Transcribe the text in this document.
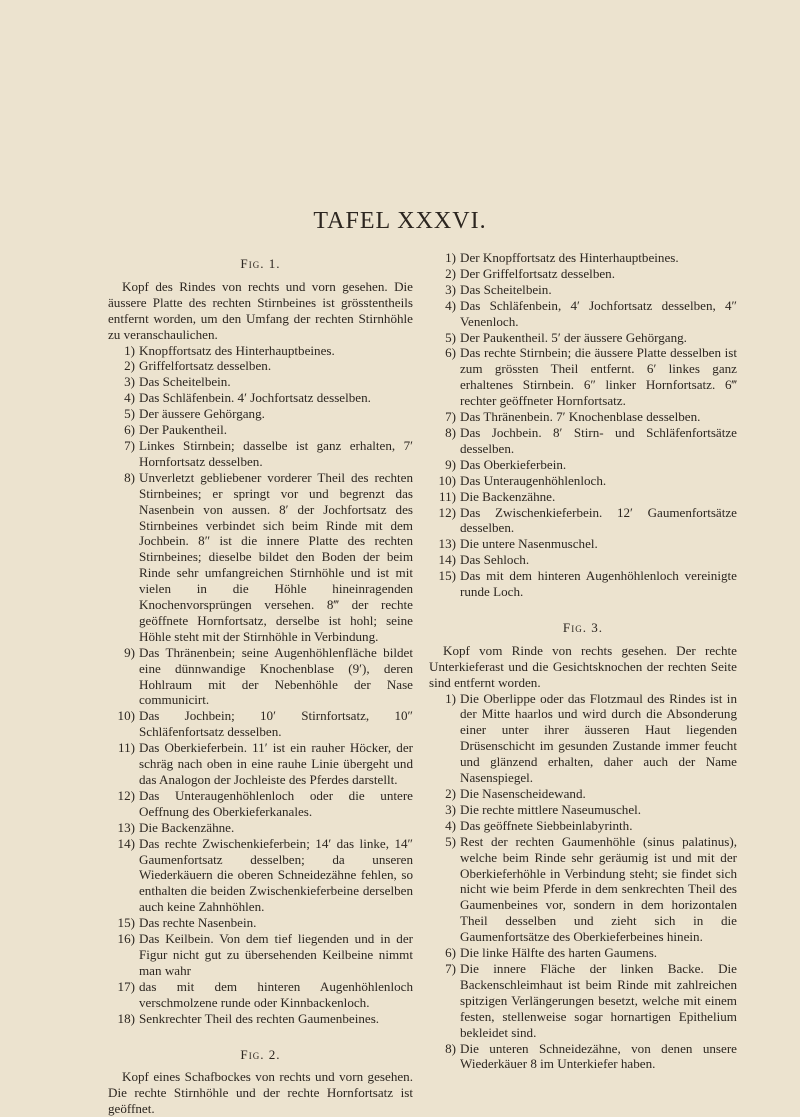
TAFEL XXXVI.
Fig. 1.

Kopf des Rindes von rechts und vorn gesehen. Die äussere Platte des rechten Stirnbeines ist grösstentheils entfernt worden, um den Umfang der rechten Stirnhöhle zu veranschaulichen.

1) Knopffortsatz des Hinterhauptbeines.
2) Griffelfortsatz desselben.
3) Das Scheitelbein.
4) Das Schläfenbein. 4′ Jochfortsatz desselben.
5) Der äussere Gehörgang.
6) Der Paukentheil.
7) Linkes Stirnbein; dasselbe ist ganz erhalten, 7′ Hornfortsatz desselben.
8) Unverletzt gebliebener vorderer Theil des rechten Stirnbeines; er springt vor und begrenzt das Nasenbein von aussen. 8′ der Jochfortsatz des Stirnbeines verbindet sich beim Rinde mit dem Jochbein. 8″ ist die innere Platte des rechten Stirnbeines; dieselbe bildet den Boden der beim Rinde sehr umfangreichen Stirnhöhle und ist mit vielen in die Höhle hineinragenden Knochenvorsprüngen versehen. 8‴ der rechte geöffnete Hornfortsatz, derselbe ist hohl; seine Höhle steht mit der Stirnhöhle in Verbindung.
9) Das Thränenbein; seine Augenhöhlenfläche bildet eine dünnwandige Knochenblase (9′), deren Hohlraum mit der Nebenhöhle der Nase communicirt.
10) Das Jochbein; 10′ Stirnfortsatz, 10″ Schläfenfortsatz desselben.
11) Das Oberkieferbein. 11′ ist ein rauher Höcker, der schräg nach oben in eine rauhe Linie übergeht und das Analogon der Jochleiste des Pferdes darstellt.
12) Das Unteraugenhöhlenloch oder die untere Oeffnung des Oberkieferkanales.
13) Die Backenzähne.
14) Das rechte Zwischenkieferbein; 14′ das linke, 14″ Gaumenfortsatz desselben; da unseren Wiederkäuern die oberen Schneidezähne fehlen, so enthalten die beiden Zwischenkieferbeine derselben auch keine Zahnhöhlen.
15) Das rechte Nasenbein.
16) Das Keilbein. Von dem tief liegenden und in der Figur nicht gut zu übersehenden Keilbeine nimmt man wahr
17) das mit dem hinteren Augenhöhlenloch verschmolzene runde oder Kinnbackenloch.
18) Senkrechter Theil des rechten Gaumenbeines.
Fig. 2.

Kopf eines Schafbockes von rechts und vorn gesehen. Die rechte Stirnhöhle und der rechte Hornfortsatz ist geöffnet.

1) Der Knopffortsatz des Hinterhauptbeines.
2) Der Griffelfortsatz desselben.
3) Das Scheitelbein.
4) Das Schläfenbein, 4′ Jochfortsatz desselben, 4″ Venenloch.
5) Der Paukentheil. 5′ der äussere Gehörgang.
6) Das rechte Stirnbein; die äussere Platte desselben ist zum grössten Theil entfernt. 6′ linkes ganz erhaltenes Stirnbein. 6″ linker Hornfortsatz. 6‴ rechter geöffneter Hornfortsatz.
7) Das Thränenbein. 7′ Knochenblase desselben.
8) Das Jochbein. 8′ Stirn- und Schläfenfortsätze desselben.
9) Das Oberkieferbein.
10) Das Unteraugenhöhlenloch.
11) Die Backenzähne.
12) Das Zwischenkieferbein. 12′ Gaumenfortsätze desselben.
13) Die untere Nasenmuschel.
14) Das Sehloch.
15) Das mit dem hinteren Augenhöhlenloch vereinigte runde Loch.
Fig. 3.

Kopf vom Rinde von rechts gesehen. Der rechte Unterkieferast und die Gesichtsknochen der rechten Seite sind entfernt worden.

1) Die Oberlippe oder das Flotzmaul des Rindes ist in der Mitte haarlos und wird durch die Absonderung einer unter ihrer äusseren Haut liegenden Drüsenschicht im gesunden Zustande immer feucht und glänzend erhalten, daher auch der Name Nasenspiegel.
2) Die Nasenscheidewand.
3) Die rechte mittlere Naseumuschel.
4) Das geöffnete Siebbeinlabyrinth.
5) Rest der rechten Gaumenhöhle (sinus palatinus), welche beim Rinde sehr geräumig ist und mit der Oberkieferhöhle in Verbindung steht; sie findet sich nicht wie beim Pferde in dem senkrechten Theil des Gaumenbeines vor, sondern in dem horizontalen Theil desselben und zieht sich in die Gaumenfortsätze des Oberkieferbeines hinein.
6) Die linke Hälfte des harten Gaumens.
7) Die innere Fläche der linken Backe. Die Backenschleimhaut ist beim Rinde mit zahlreichen spitzigen Verlängerungen besetzt, welche mit einem festen, stellenweise sogar hornartigen Epithelium bekleidet sind.
8) Die unteren Schneidezähne, von denen unsere Wiederkäuer 8 im Unterkiefer haben.
